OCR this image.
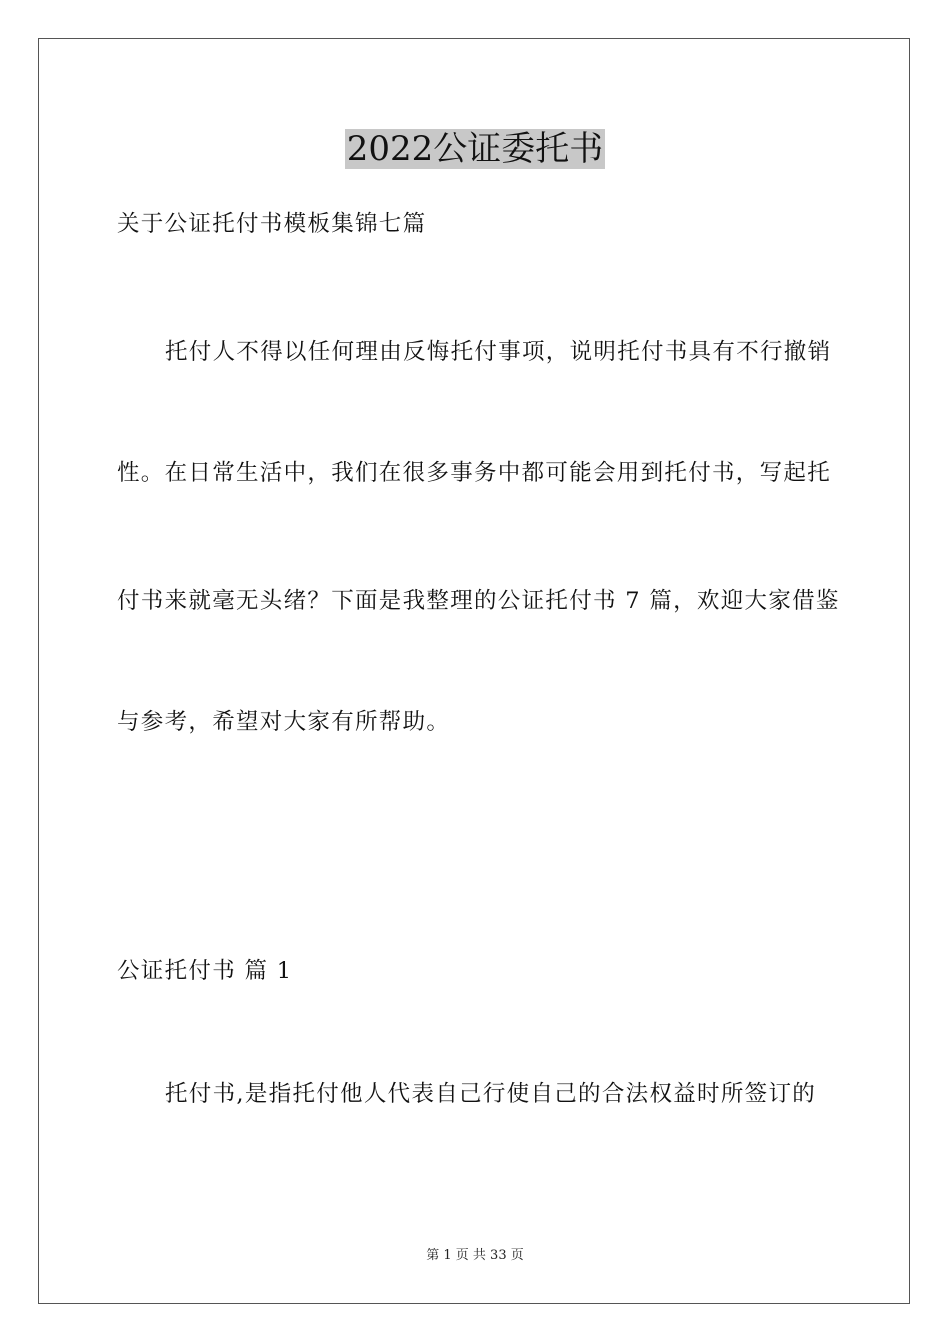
2022公证委托书
关于公证托付书模板集锦七篇
托付人不得以任何理由反悔托付事项，说明托付书具有不行撤销
性。在日常生活中，我们在很多事务中都可能会用到托付书，写起托
付书来就毫无头绪？下面是我整理的公证托付书 7 篇，欢迎大家借鉴
与参考，希望对大家有所帮助。
公证托付书 篇 1
托付书,是指托付他人代表自己行使自己的合法权益时所签订的
第 1 页 共 33 页
